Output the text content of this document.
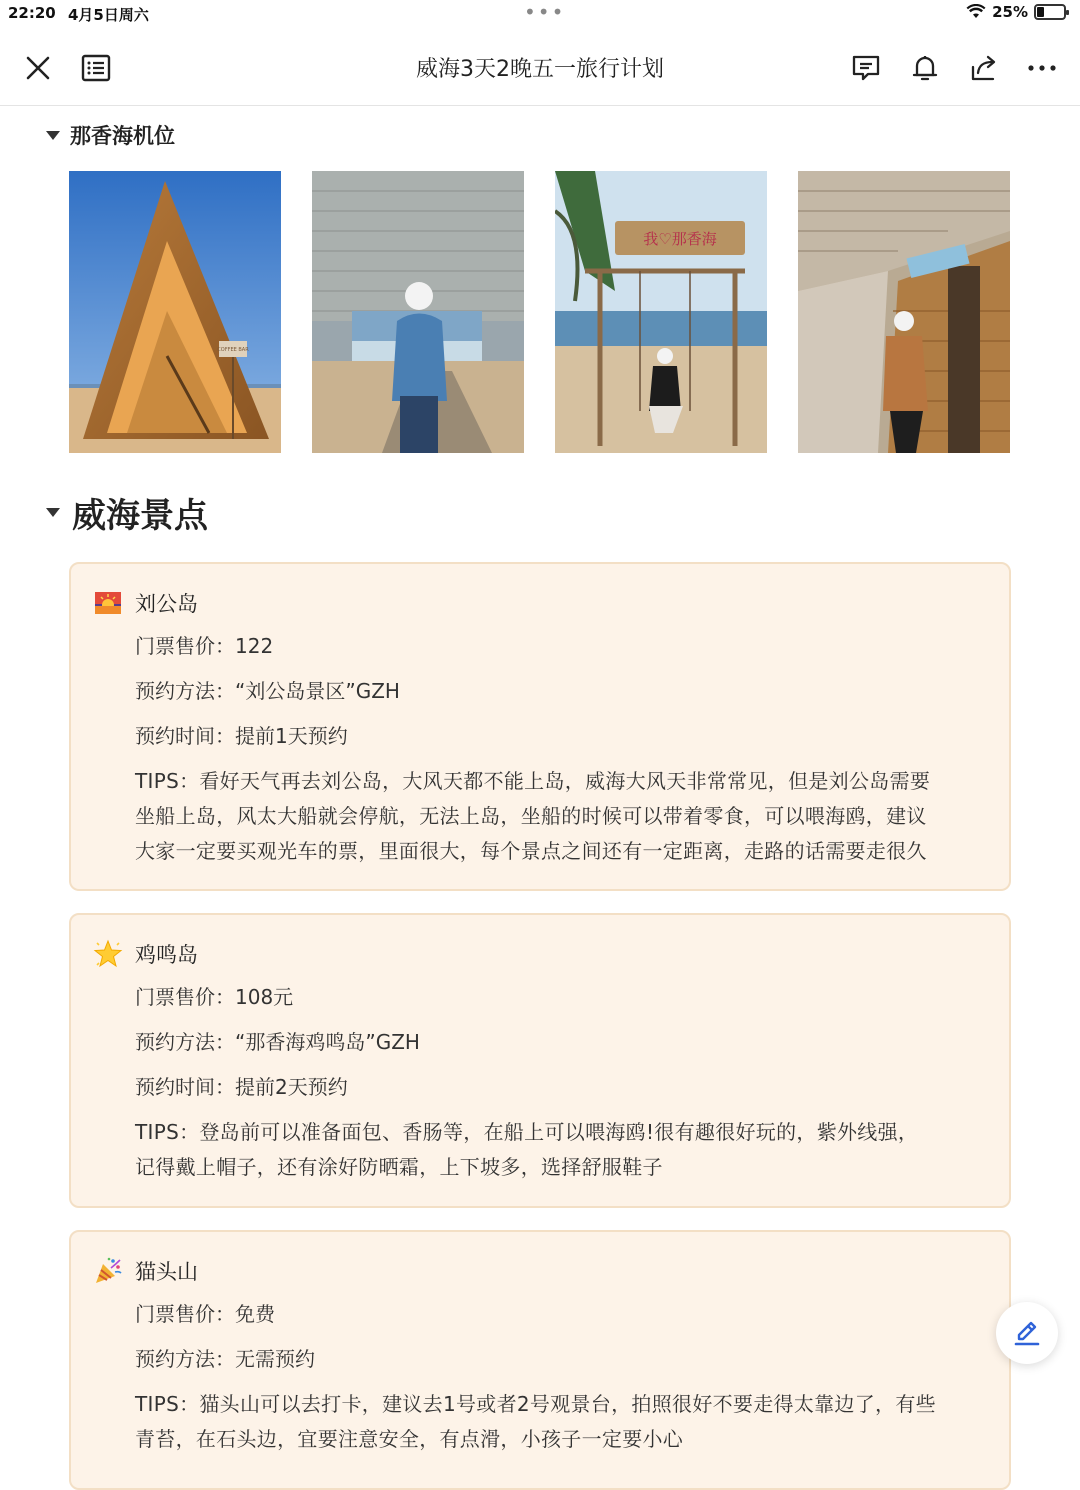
22:20 4月5日周六	•••	25%
威海3天2晚五一旅行计划
那香海机位
COFFEE BAR
我♡那香海
威海景点
刘公岛
门票售价：122
预约方法：“刘公岛景区”GZH
预约时间：提前1天预约
TIPS：看好天气再去刘公岛，大风天都不能上岛，威海大风天非常常见，但是刘公岛需要
坐船上岛，风太大船就会停航，无法上岛，坐船的时候可以带着零食，可以喂海鸥，建议
大家一定要买观光车的票，里面很大，每个景点之间还有一定距离，走路的话需要走很久
鸡鸣岛
门票售价：108元
预约方法：“那香海鸡鸣岛”GZH
预约时间：提前2天预约
TIPS：登岛前可以准备面包、香肠等，在船上可以喂海鸥!很有趣很好玩的，紫外线强，
记得戴上帽子，还有涂好防晒霜，上下坡多，选择舒服鞋子
猫头山
门票售价：免费
预约方法：无需预约
TIPS：猫头山可以去打卡，建议去1号或者2号观景台，拍照很好不要走得太靠边了，有些
青苔，在石头边，宜要注意安全，有点滑，小孩子一定要小心
